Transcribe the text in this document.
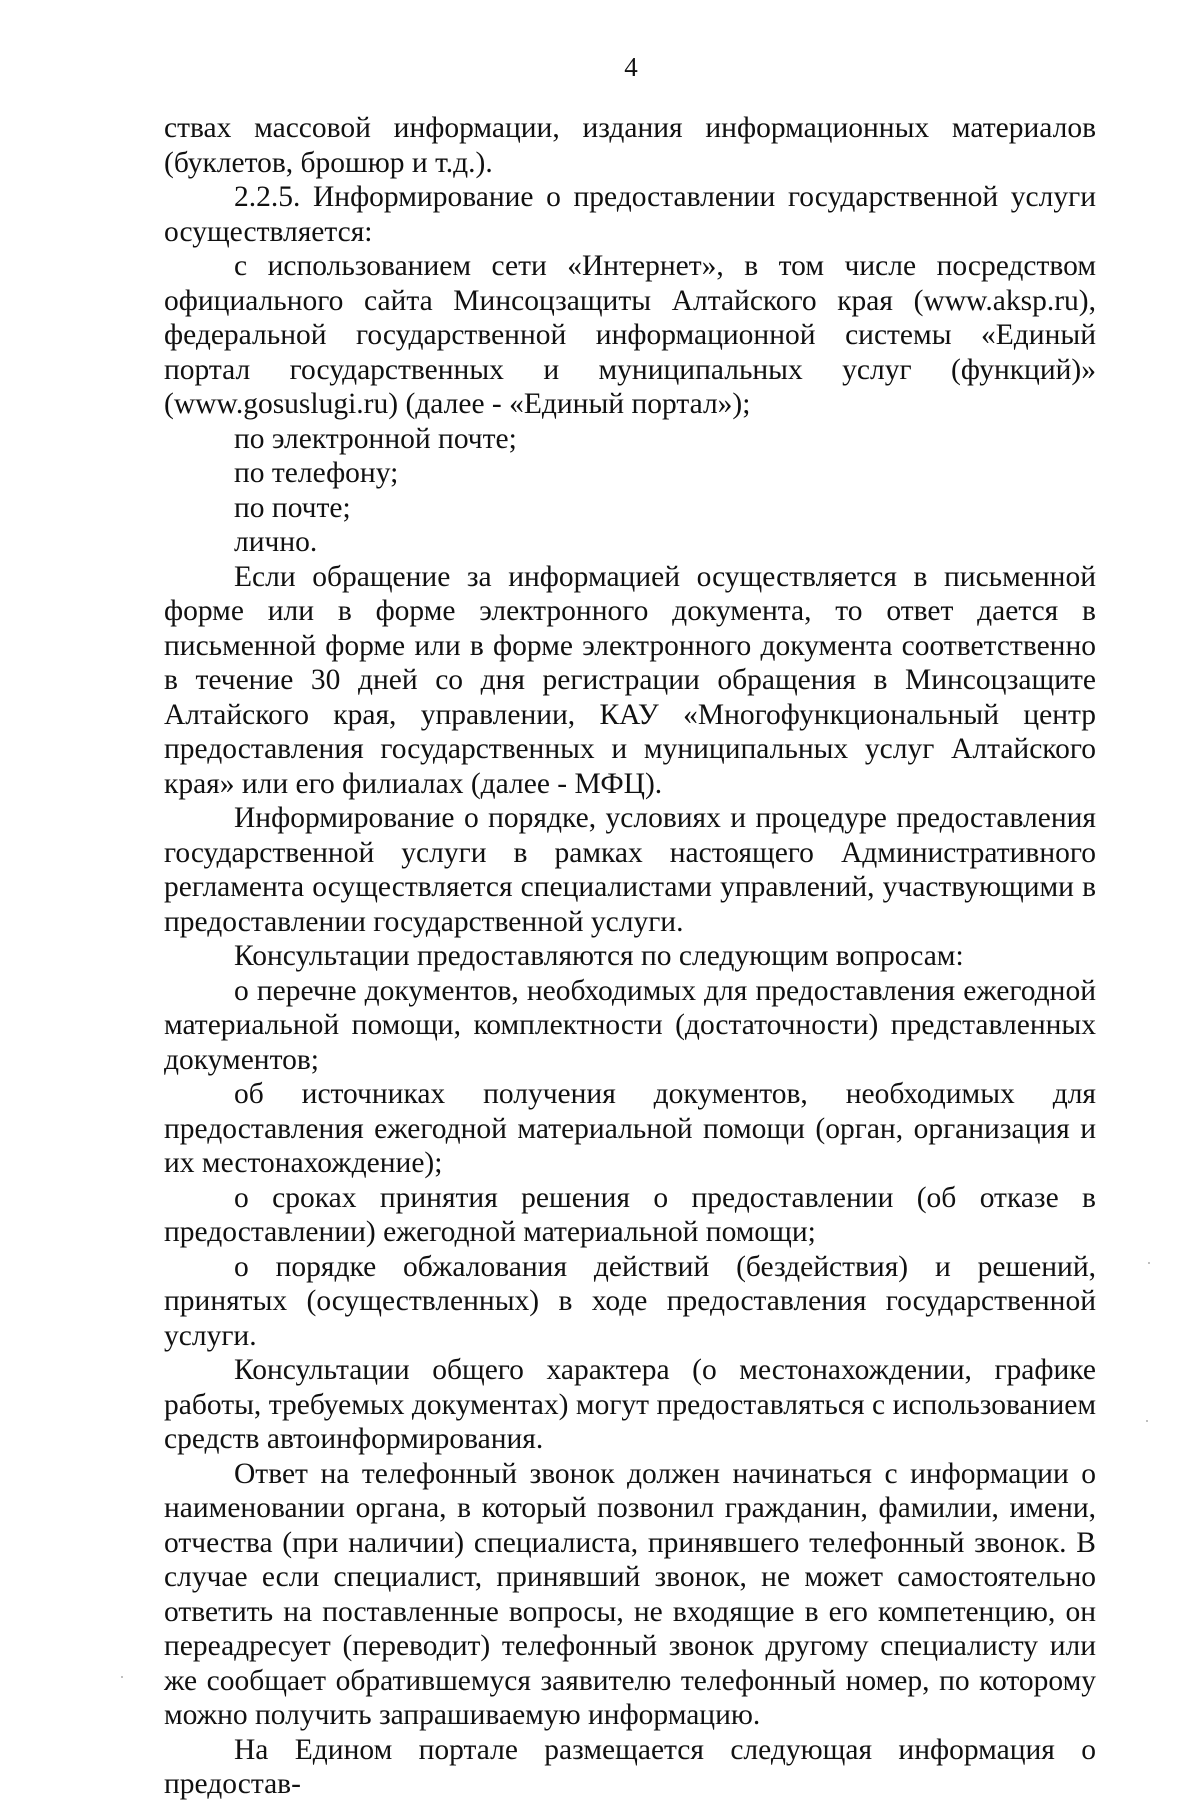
4

ствах массовой информации, издания информационных материалов (буклетов, брошюр и т.д.).

2.2.5. Информирование о предоставлении государственной услуги осуществляется:

с использованием сети «Интернет», в том числе посредством официального сайта Минсоцзащиты Алтайского края (www.aksp.ru), федеральной государственной информационной системы «Единый портал государственных и муниципальных услуг (функций)» (www.gosuslugi.ru) (далее - «Единый портал»);

по электронной почте;

по телефону;

по почте;

лично.

Если обращение за информацией осуществляется в письменной форме или в форме электронного документа, то ответ дается в письменной форме или в форме электронного документа соответственно в течение 30 дней со дня регистрации обращения в Минсоцзащите Алтайского края, управлении, КАУ «Многофункциональный центр предоставления государственных и муниципальных услуг Алтайского края» или его филиалах (далее - МФЦ).

Информирование о порядке, условиях и процедуре предоставления государственной услуги в рамках настоящего Административного регламента осуществляется специалистами управлений, участвующими в предоставлении государственной услуги.

Консультации предоставляются по следующим вопросам:

о перечне документов, необходимых для предоставления ежегодной материальной помощи, комплектности (достаточности) представленных документов;

об источниках получения документов, необходимых для предоставления ежегодной материальной помощи (орган, организация и их местонахождение);

о сроках принятия решения о предоставлении (об отказе в предоставлении) ежегодной материальной помощи;

о порядке обжалования действий (бездействия) и решений, принятых (осуществленных) в ходе предоставления государственной услуги.

Консультации общего характера (о местонахождении, графике работы, требуемых документах) могут предоставляться с использованием средств автоинформирования.

Ответ на телефонный звонок должен начинаться с информации о наименовании органа, в который позвонил гражданин, фамилии, имени, отчества (при наличии) специалиста, принявшего телефонный звонок. В случае если специалист, принявший звонок, не может самостоятельно ответить на поставленные вопросы, не входящие в его компетенцию, он переадресует (переводит) телефонный звонок другому специалисту или же сообщает обратившемуся заявителю телефонный номер, по которому можно получить запрашиваемую информацию.

На Едином портале размещается следующая информация о предостав-
